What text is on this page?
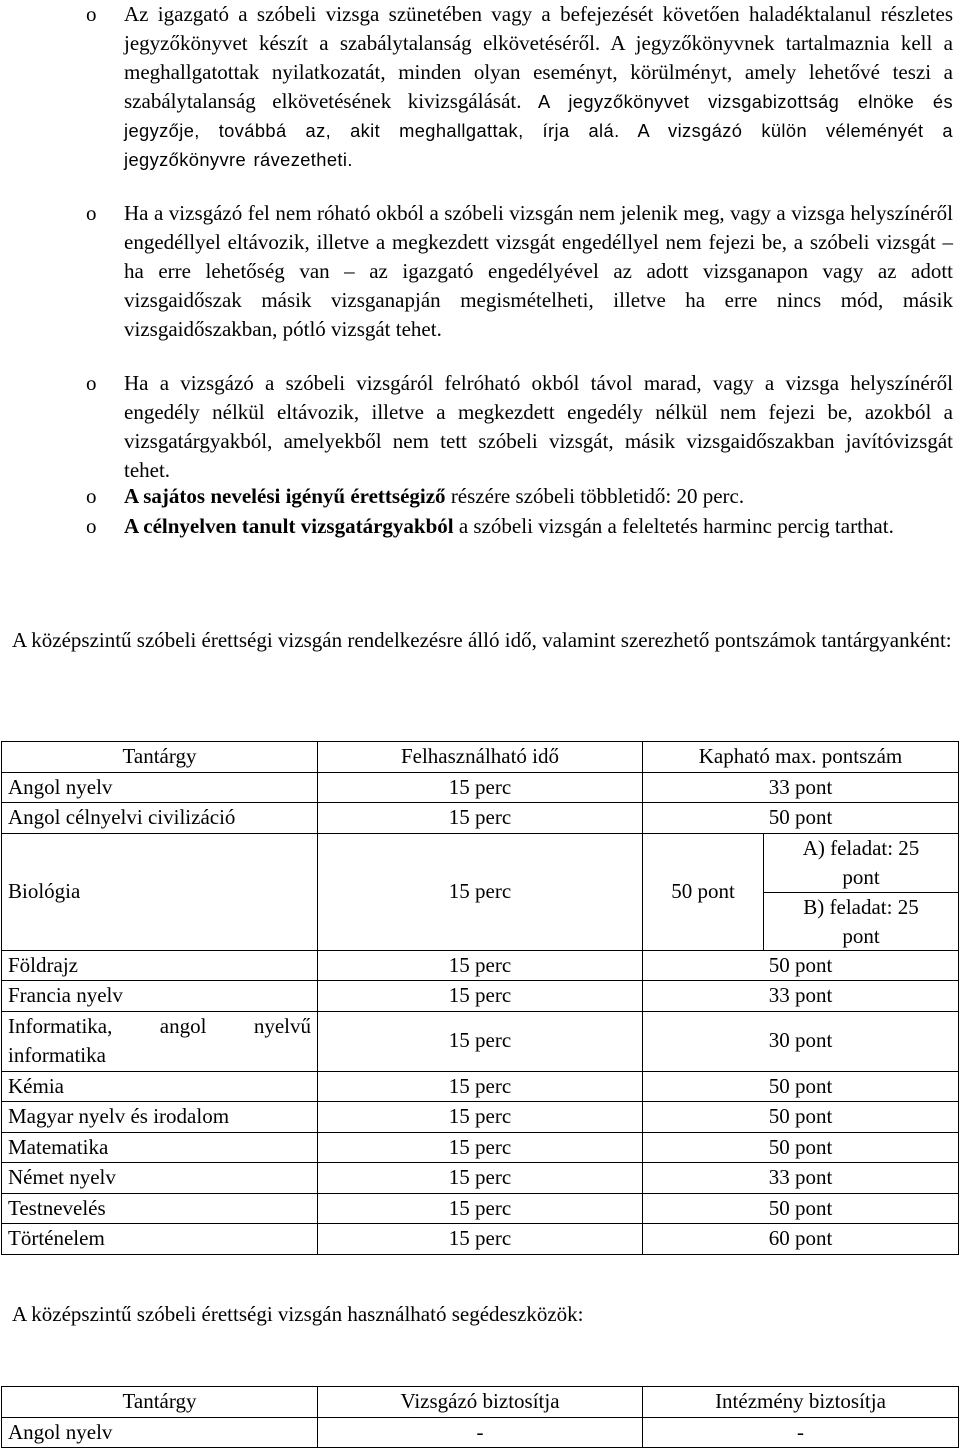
o Az igazgató a szóbeli vizsga szünetében vagy a befejezését követően haladéktalanul részletes jegyzőkönyvet készít a szabálytalanság elkövetéséről. A jegyzőkönyvnek tartalmaznia kell a meghallgatottak nyilatkozatát, minden olyan eseményt, körülményt, amely lehetővé teszi a szabálytalanság elkövetésének kivizsgálását. A jegyzőkönyvet vizsgabizottság elnöke és jegyzője, továbbá az, akit meghallgattak, írja alá. A vizsgázó külön véleményét a jegyzőkönyvre rávezetheti.
o Ha a vizsgázó fel nem róható okból a szóbeli vizsgán nem jelenik meg, vagy a vizsga helyszínéről engedéllyel eltávozik, illetve a megkezdett vizsgát engedéllyel nem fejezi be, a szóbeli vizsgát – ha erre lehetőség van – az igazgató engedélyével az adott vizsganapon vagy az adott vizsgaidőszak másik vizsganapján megismételheti, illetve ha erre nincs mód, másik vizsgaidőszakban, pótló vizsgát tehet.
o Ha a vizsgázó a szóbeli vizsgáról felróható okból távol marad, vagy a vizsga helyszínéről engedély nélkül eltávozik, illetve a megkezdett engedély nélkül nem fejezi be, azokból a vizsgatárgyakból, amelyekből nem tett szóbeli vizsgát, másik vizsgaidőszakban javítóvizsgát tehet.
o A sajátos nevelési igényű érettségiző részére szóbeli többletidő: 20 perc.
o A célnyelven tanult vizsgatárgyakból a szóbeli vizsgán a feleltetés harminc percig tarthat.
A középszintű szóbeli érettségi vizsgán rendelkezésre álló idő, valamint szerezhető pontszámok tantárgyanként:
Tantárgy	Felhasználható idő	Kapható max. pontszám
Angol nyelv	15 perc	33 pont
Angol célnyelvi civilizáció	15 perc	50 pont
Biológia	15 perc	50 pont
A) feladat: 25 pont
B) feladat: 25 pont

Földrajz	15 perc	50 pont
Francia nyelv	15 perc	33 pont
Informatika, angol nyelvű informatika	15 perc	30 pont
Kémia	15 perc	50 pont
Magyar nyelv és irodalom	15 perc	50 pont
Matematika	15 perc	50 pont
Német nyelv	15 perc	33 pont
Testnevelés	15 perc	50 pont
Történelem	15 perc	60 pont
A középszintű szóbeli érettségi vizsgán használható segédeszközök:
Tantárgy	Vizsgázó biztosítja	Intézmény biztosítja
Angol nyelv	-	-
